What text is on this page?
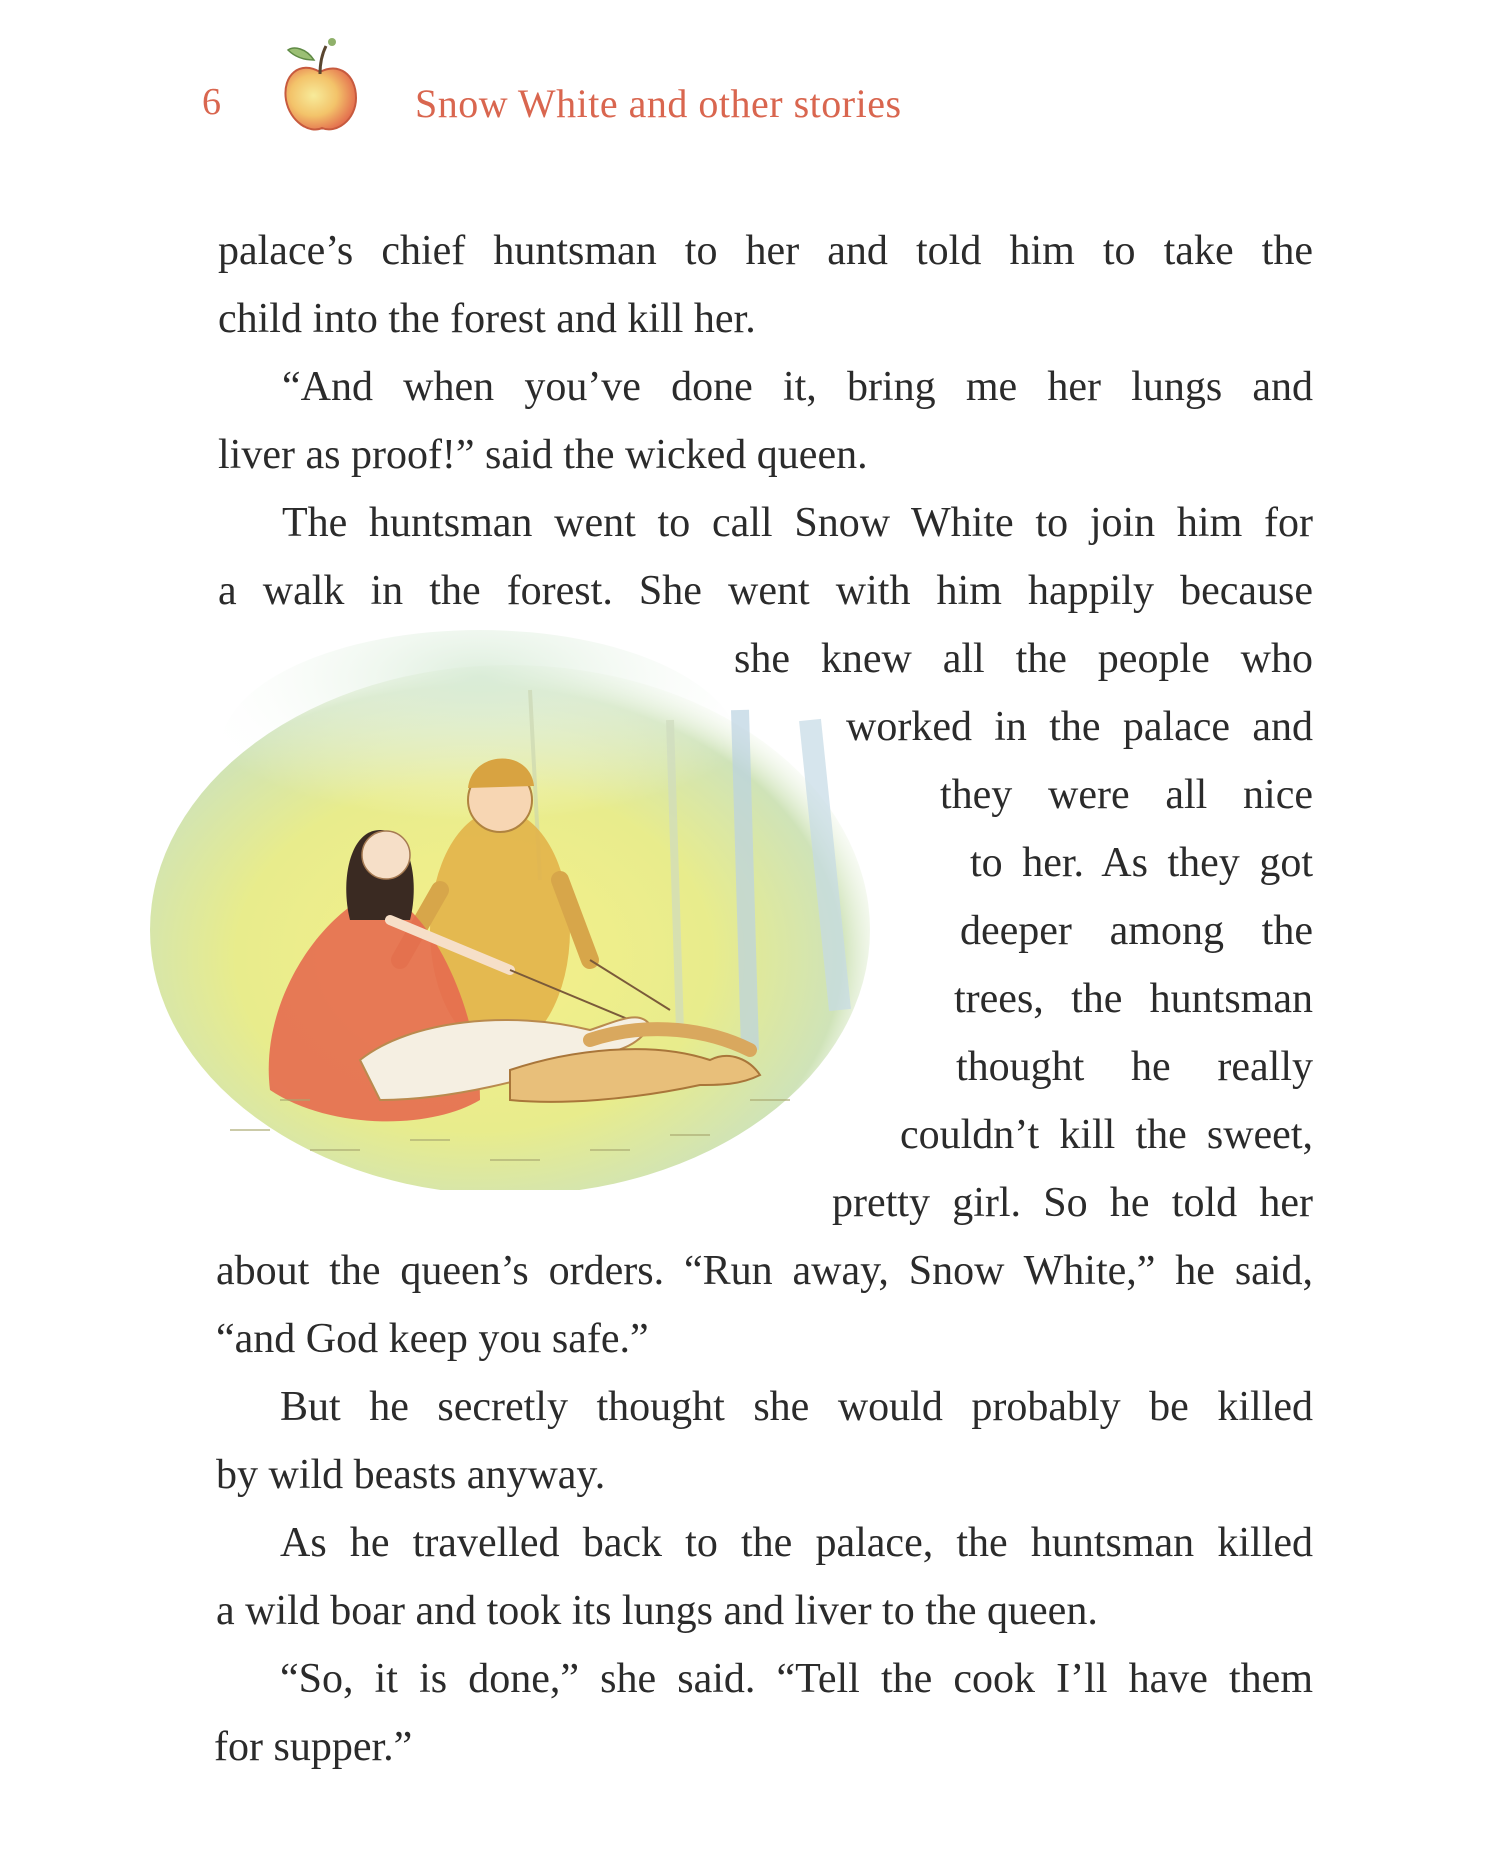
6	Snow White and other stories
palace’s chief huntsman to her and told him to take the
child into the forest and kill her.
“And when you’ve done it, bring me her lungs and
liver as proof!” said the wicked queen.
The huntsman went to call Snow White to join him for
a walk in the forest. She went with him happily because
she knew all the people who
worked in the palace and
they were all nice
to her. As they got
deeper among the
trees, the huntsman
thought he really
couldn’t kill the sweet,
pretty girl. So he told her
about the queen’s orders. “Run away, Snow White,” he said,
“and God keep you safe.”
But he secretly thought she would probably be killed
by wild beasts anyway.
As he travelled back to the palace, the huntsman killed
a wild boar and took its lungs and liver to the queen.
“So, it is done,” she said. “Tell the cook I’ll have them
for supper.”
